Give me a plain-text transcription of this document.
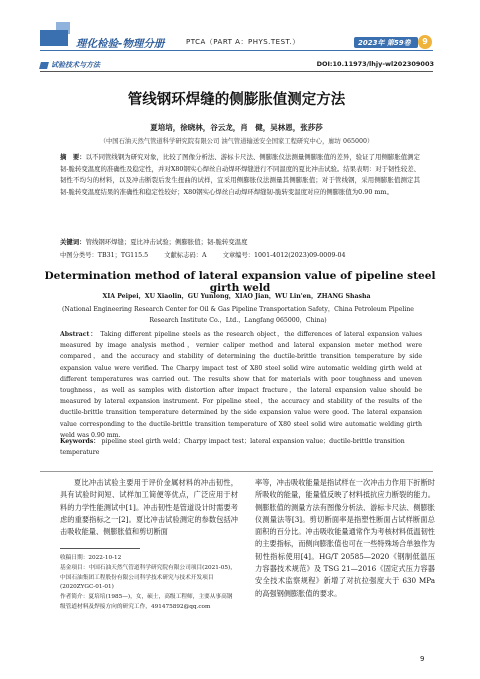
理化检验-物理分册	PTCA（PART A：PHYS.TEST.）	2023年 第59卷	9
试验技术与方法	DOI:10.11973/lhjy-wl202309003
管线钢环焊缝的侧膨胀值测定方法
夏培培，徐晓林，谷云龙，肖　健，吴林恩，张莎莎
（中国石油天然气管道科学研究院有限公司 油气管道输送安全国家工程研究中心，廊坊 065000）
摘　要：以不同管线钢为研究对象，比较了图像分析法、游标卡尺法、侧膨胀仪法测量侧膨胀值的差异，验证了用侧膨胀值测定韧-脆转变温度的准确性及稳定性，并对X80钢实心焊丝自动焊环焊缝进行不同温度的夏比冲击试验。结果表明：对于韧性较差、韧性不均匀的材料，以及冲击断裂后发生扭曲的试样，宜采用侧膨胀仪法测量其侧膨胀值；对于管线钢，采用侧膨胀值测定其韧-脆转变温度结果的准确性和稳定性较好；X80钢实心焊丝自动焊环焊缝韧-脆转变温度对应的侧膨胀值为0.90 mm。
关键词：管线钢环焊缝；夏比冲击试验；侧膨胀值；韧-脆转变温度
中图分类号：TB31；TG115.5	文献标志码：A	文章编号：1001-4012(2023)09-0009-04
Determination method of lateral expansion value of pipeline steel girth weld
XIA Peipei，XU Xiaolin，GU Yunlong，XIAO Jian，WU Lin'en，ZHANG Shasha
(National Engineering Research Center for Oil & Gas Pipeline Transportation Safety，China Petroleum Pipeline Research Institute Co.，Ltd.，Langfang 065000，China)
Abstract： Taking different pipeline steels as the research object，the differences of lateral expansion values measured by image analysis method，vernier caliper method and lateral expansion meter method were compared，and the accuracy and stability of determining the ductile-brittle transition temperature by side expansion value were verified. The Charpy impact test of X80 steel solid wire automatic welding girth weld at different temperatures was carried out. The results show that for materials with poor toughness and uneven toughness，as well as samples with distortion after impact fracture，the lateral expansion value should be measured by lateral expansion instrument. For pipeline steel，the accuracy and stability of the results of the ductile-brittle transition temperature determined by the side expansion value were good. The lateral expansion value corresponding to the ductile-brittle transition temperature of X80 steel solid wire automatic welding girth weld was 0.90 mm.
Keywords： pipeline steel girth weld；Charpy impact test；lateral expansion value；ductile-brittle transition temperature
夏比冲击试验主要用于评价金属材料的冲击韧性，具有试验时间短、试样加工简便等优点，广泛应用于材料的力学性能测试中[1]。冲击韧性是管道设计时需要考虑的重要指标之一[2]。夏比冲击试验测定的参数包括冲击吸收能量、侧膨胀值和剪切断面
率等，冲击吸收能量是指试样在一次冲击力作用下折断时所吸收的能量，能量值反映了材料抵抗应力断裂的能力。侧膨胀值的测量方法有图像分析法、游标卡尺法、侧膨胀仪测量法等[3]。剪切断面率是指塑性断面占试样断面总面积的百分比。冲击吸收能量通常作为考核材料低温韧性的主要指标，而侧向膨胀值也可在一些特殊场合单独作为韧性指标使用[4]。HG/T 20585—2020《钢制低温压力容器技术规范》及 TSG 21—2016《固定式压力容器安全技术监察规程》新增了对抗拉强度大于 630 MPa 的高强钢侧膨胀值的要求。
收稿日期：2022-10-12
基金项目：中国石油天然气管道科学研究院有限公司项目(2021-05)，中国石油集团工程股份有限公司科学技术研究与技术开发项目(2020ZYGC-01-01)
作者简介：夏培培(1985—)，女，硕士，高级工程师，主要从事高钢级管道材料及焊接方向的研究工作，491475892@qq.com
9
